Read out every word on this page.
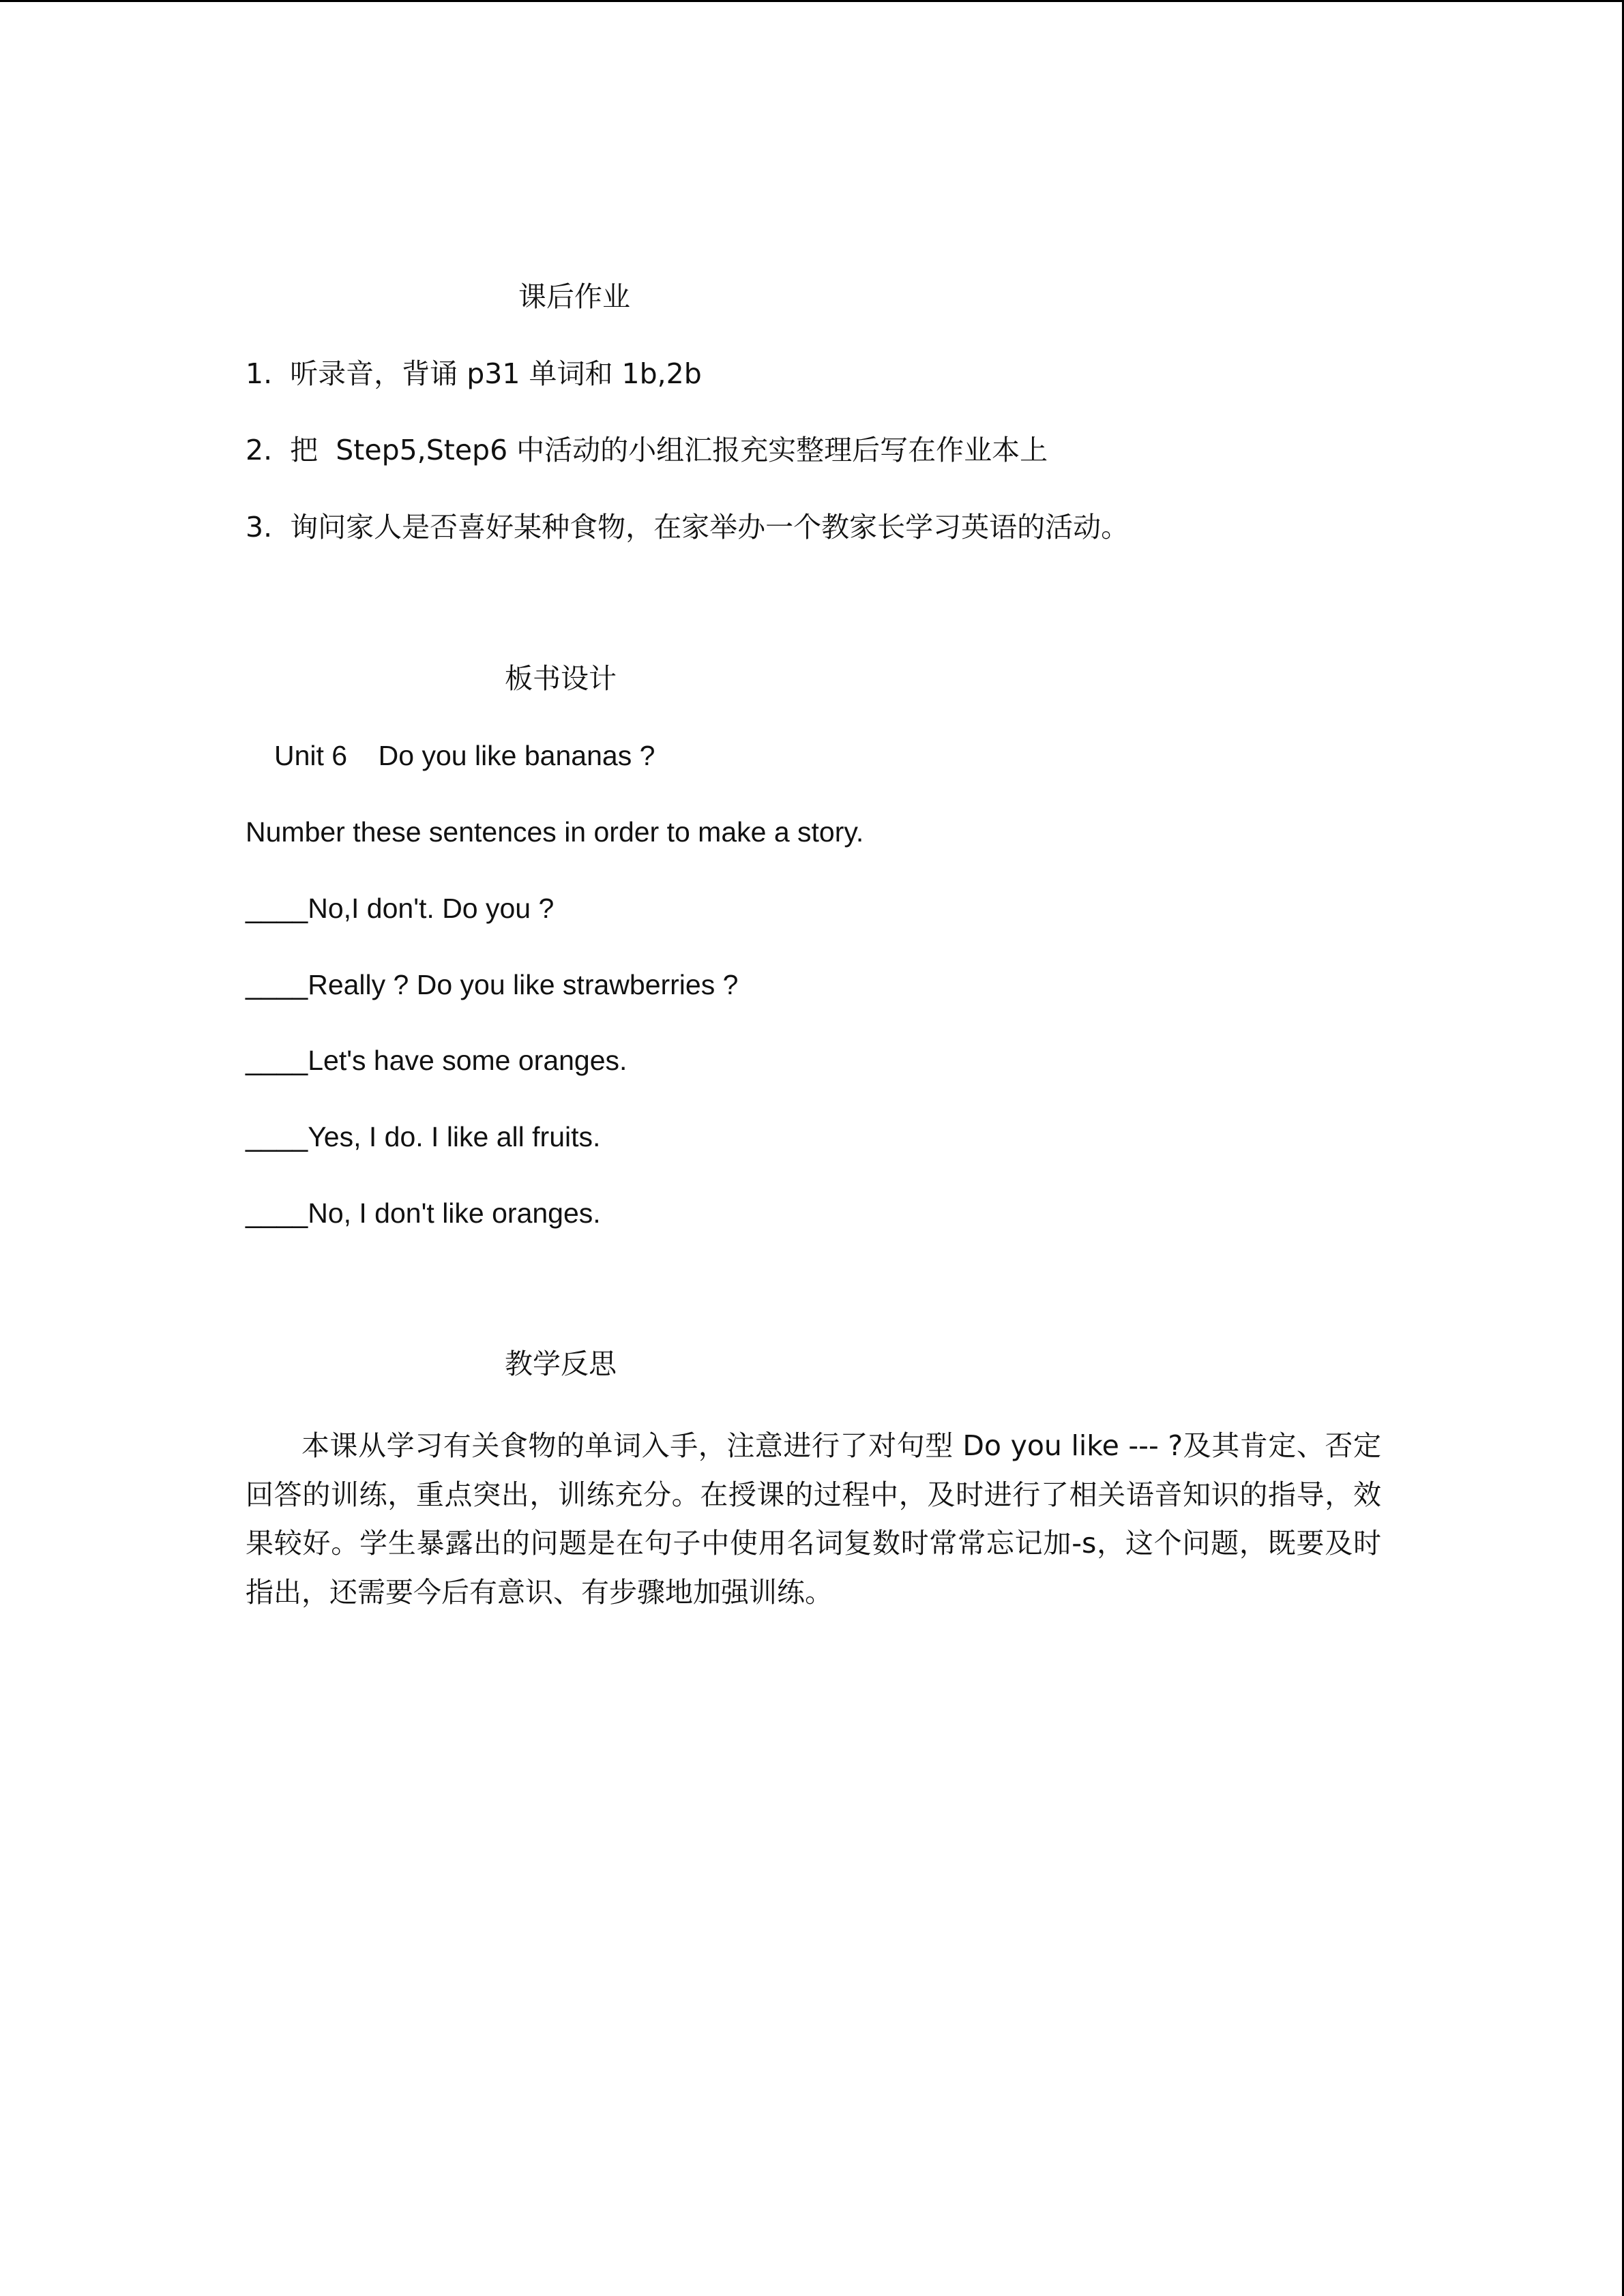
课后作业
1.  听录音，背诵 p31 单词和 1b,2b
2.  把  Step5,Step6 中活动的小组汇报充实整理后写在作业本上
3.  询问家人是否喜好某种食物，在家举办一个教家长学习英语的活动。
板书设计
Unit 6    Do you like bananas ?
Number these sentences in order to make a story.
____No,I don't. Do you ?
____Really ? Do you like strawberries ?
____Let's have some oranges.
____Yes, I do. I like all fruits.
____No, I don't like oranges.
教学反思
本课从学习有关食物的单词入手，注意进行了对句型 Do you like --- ?及其肯定、否定回答的训练，重点突出，训练充分。在授课的过程中，及时进行了相关语音知识的指导，效果较好。学生暴露出的问题是在句子中使用名词复数时常常忘记加-s，这个问题，既要及时指出，还需要今后有意识、有步骤地加强训练。
